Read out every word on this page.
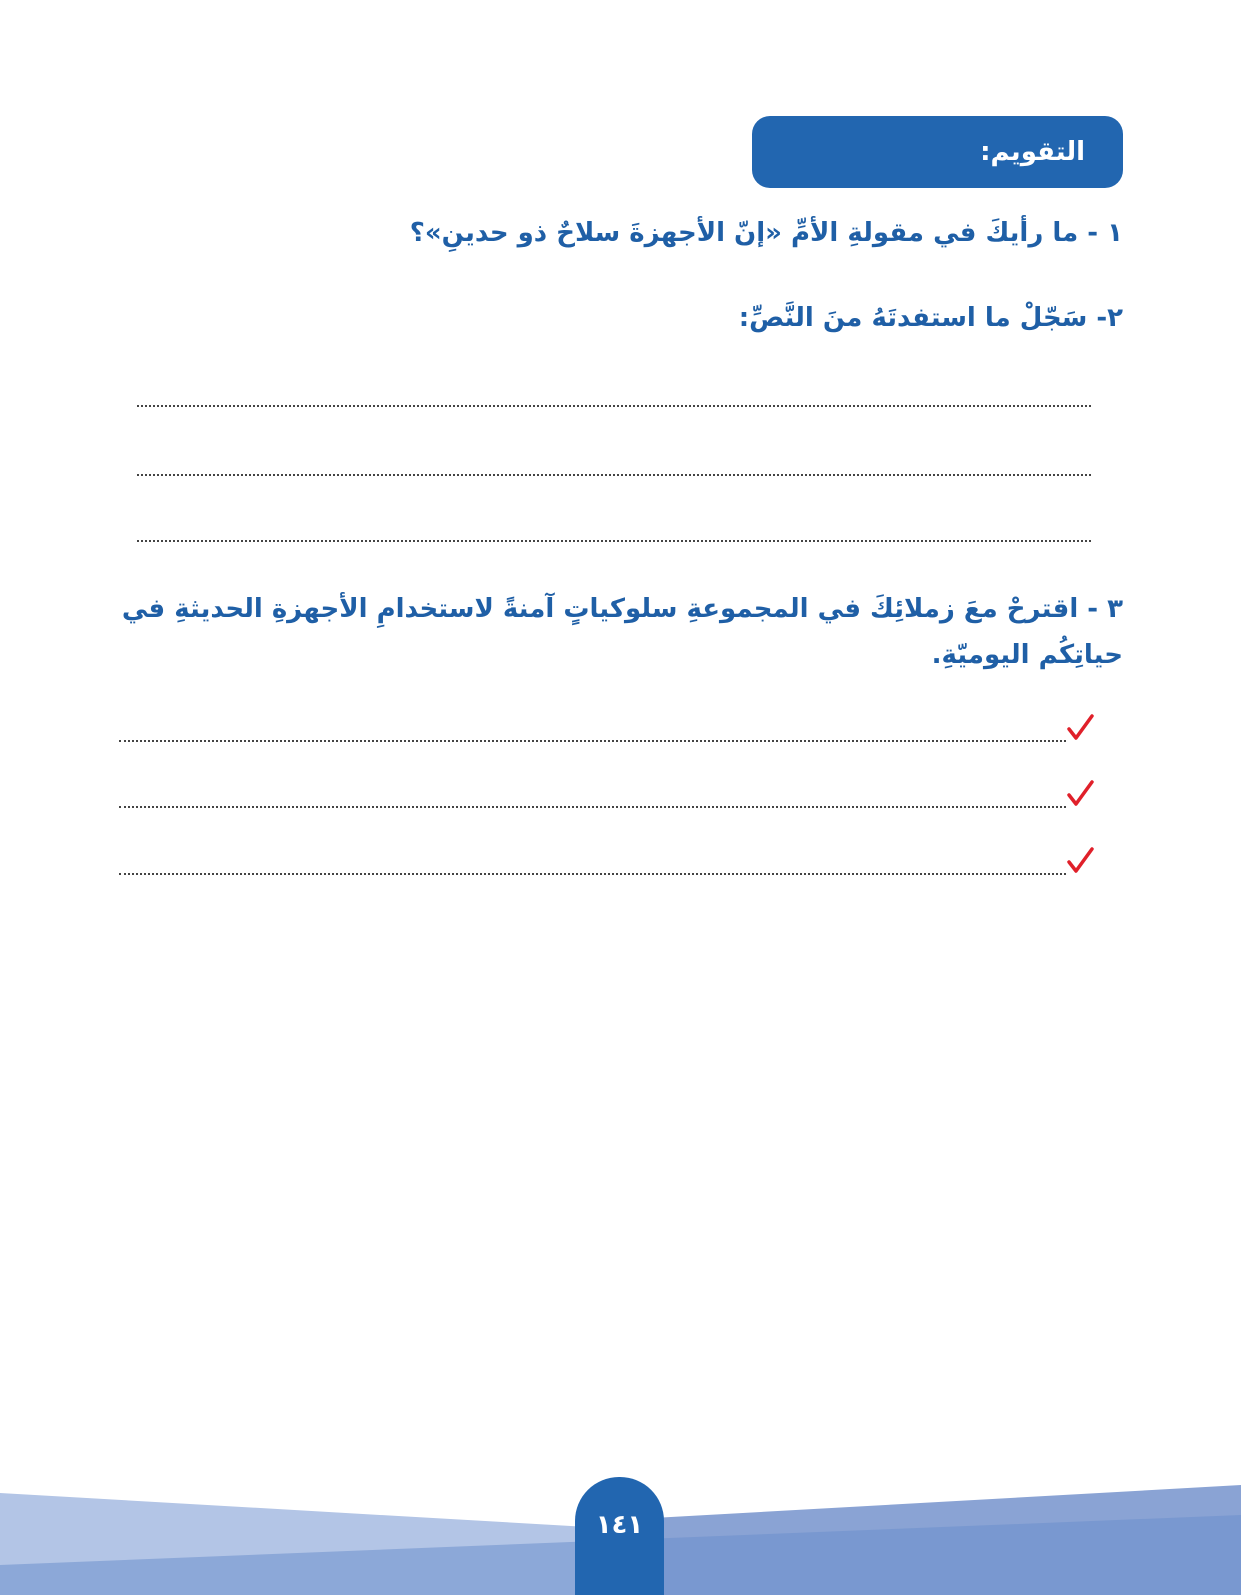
التقويم:

١ - ما رأيكَ في مقولةِ الأمِّ «إنّ الأجهزةَ سلاحٌ ذو حدينِ»؟

٢- سَجّلْ ما استفدتَهُ منَ النَّصِّ:

٣ - اقترحْ معَ زملائِكَ في المجموعةِ سلوكياتٍ آمنةً لاستخدامِ الأجهزةِ الحديثةِ في حياتِكُم اليوميّةِ.

١٤١
